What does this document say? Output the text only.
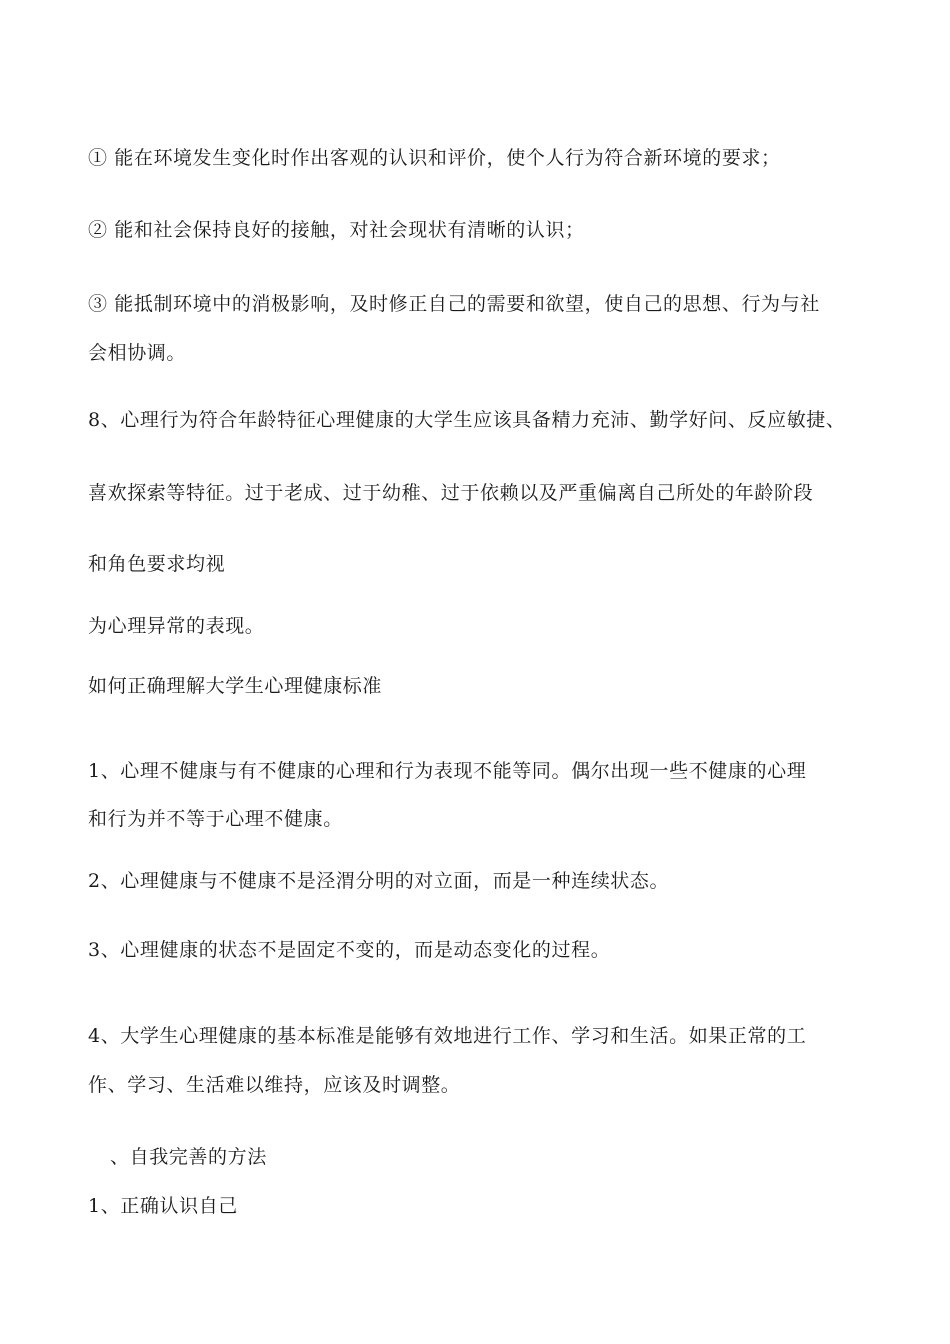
① 能在环境发生变化时作出客观的认识和评价，使个人行为符合新环境的要求；
② 能和社会保持良好的接触，对社会现状有清晰的认识；
③ 能抵制环境中的消极影响，及时修正自己的需要和欲望，使自己的思想、行为与社
会相协调。
8、心理行为符合年龄特征心理健康的大学生应该具备精力充沛、勤学好问、反应敏捷、
喜欢探索等特征。过于老成、过于幼稚、过于依赖以及严重偏离自己所处的年龄阶段
和角色要求均视
为心理异常的表现。
如何正确理解大学生心理健康标准
1、心理不健康与有不健康的心理和行为表现不能等同。偶尔出现一些不健康的心理
和行为并不等于心理不健康。
2、心理健康与不健康不是泾渭分明的对立面，而是一种连续状态。
3、心理健康的状态不是固定不变的，而是动态变化的过程。
4、大学生心理健康的基本标准是能够有效地进行工作、学习和生活。如果正常的工
作、学习、生活难以维持，应该及时调整。
、自我完善的方法
1、正确认识自己
